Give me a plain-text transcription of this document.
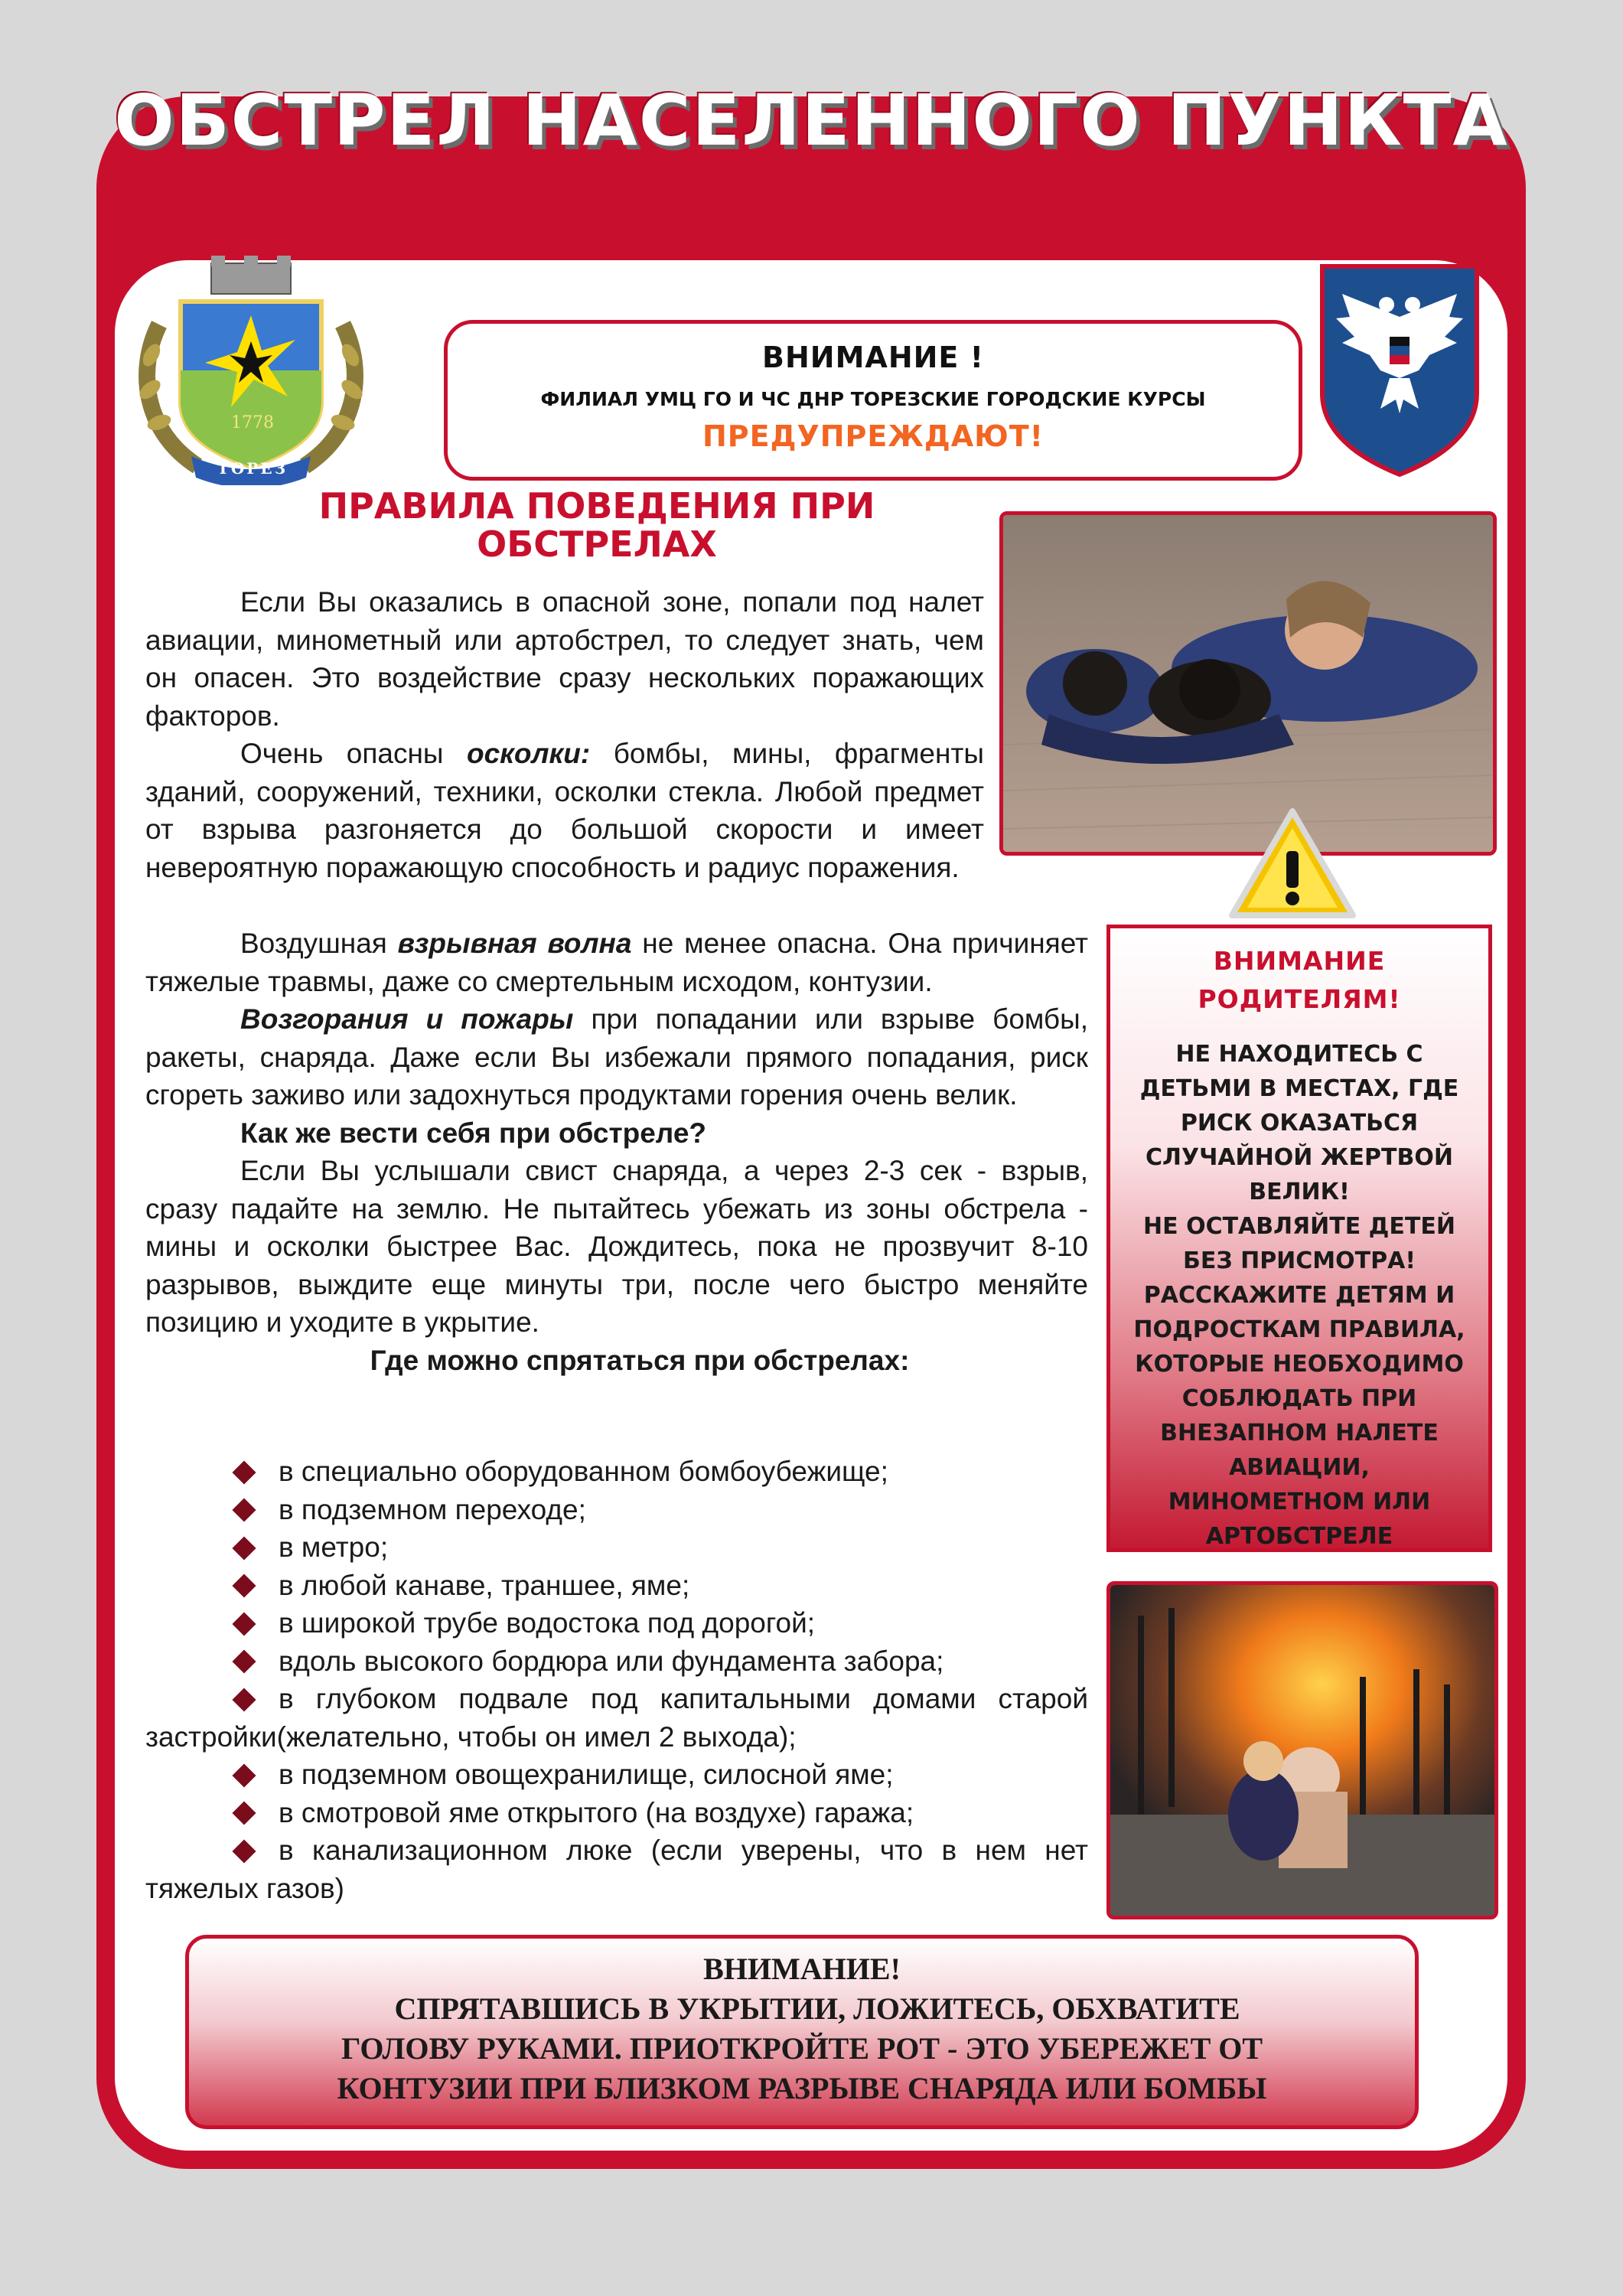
ОБСТРЕЛ НАСЕЛЕННОГО ПУНКТА
1778
ТОРЕЗ
ВНИМАНИЕ !
ФИЛИАЛ УМЦ ГО И ЧС ДНР ТОРЕЗСКИЕ ГОРОДСКИЕ КУРСЫ
ПРЕДУПРЕЖДАЮТ!
ПРАВИЛА ПОВЕДЕНИЯ ПРИ ОБСТРЕЛАХ

Если Вы оказались в опасной зоне, попали под налет авиации, минометный или артобстрел, то следует знать, чем он опасен. Это воздействие сразу нескольких поражающих факторов.

Очень опасны осколки: бомбы, мины, фрагменты зданий, сооружений, техники, осколки стекла. Любой предмет от взрыва разгоняется до большой скорости и имеет невероятную поражающую способность и радиус поражения.

Воздушная взрывная волна не менее опасна. Она причиняет тяжелые травмы, даже со смертельным исходом, контузии.

Возгорания и пожары при попадании или взрыве бомбы, ракеты, снаряда. Даже если Вы избежали прямого попадания, риск сгореть заживо или задохнуться продуктами горения очень велик.

Как же вести себя при обстреле?

Если Вы услышали свист снаряда, а через 2-3 сек - взрыв, сразу падайте на землю. Не пытайтесь убежать из зоны обстрела - мины и осколки быстрее Вас. Дождитесь, пока не прозвучит 8-10 разрывов, выждите еще минуты три, после чего быстро меняйте позицию и уходите в укрытие.

Где можно спрятаться при обстрелах:

в специально оборудованном бомбоубежище;
в подземном переходе;
в метро;
в любой канаве, траншее, яме;
в широкой трубе водостока под дорогой;
вдоль высокого бордюра или фундамента забора;
в глубоком подвале под капитальными домами старой застройки(желательно, чтобы он имел 2 выхода);
в подземном овощехранилище, силосной яме;
в смотровой яме открытого (на воздухе) гаража;
в канализационном люке (если уверены, что в нем нет тяжелых газов)
ВНИМАНИЕ
РОДИТЕЛЯМ!
НЕ НАХОДИТЕСЬ С
ДЕТЬМИ В МЕСТАХ, ГДЕ
РИСК ОКАЗАТЬСЯ
СЛУЧАЙНОЙ ЖЕРТВОЙ
ВЕЛИК!
НЕ ОСТАВЛЯЙТЕ ДЕТЕЙ
БЕЗ ПРИСМОТРА!
РАССКАЖИТЕ ДЕТЯМ И
ПОДРОСТКАМ ПРАВИЛА,
КОТОРЫЕ НЕОБХОДИМО
СОБЛЮДАТЬ ПРИ
ВНЕЗАПНОМ НАЛЕТЕ
АВИАЦИИ,
МИНОМЕТНОМ ИЛИ
АРТОБСТРЕЛЕ
ВНИМАНИЕ!
СПРЯТАВШИСЬ В УКРЫТИИ, ЛОЖИТЕСЬ, ОБХВАТИТЕ
ГОЛОВУ РУКАМИ. ПРИОТКРОЙТЕ РОТ - ЭТО УБЕРЕЖЕТ ОТ
КОНТУЗИИ ПРИ БЛИЗКОМ РАЗРЫВЕ СНАРЯДА ИЛИ БОМБЫ
